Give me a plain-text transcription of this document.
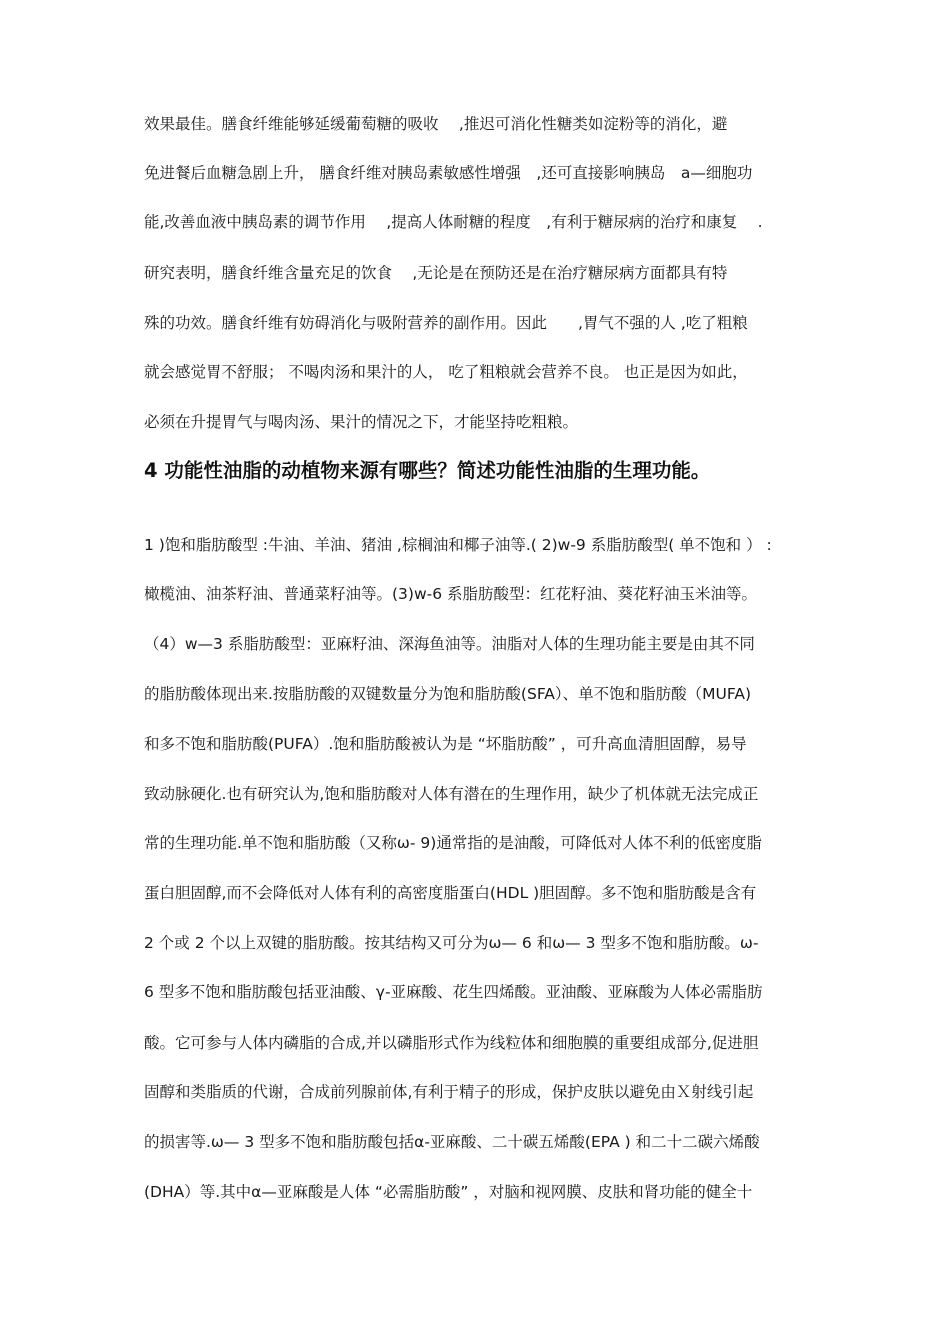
效果最佳。膳食纤维能够延缓葡萄糖的吸收　 ,推迟可消化性糖类如淀粉等的消化，避
免进餐后血糖急剧上升， 膳食纤维对胰岛素敏感性增强　,还可直接影响胰岛　a—细胞功
能,改善血液中胰岛素的调节作用　 ,提高人体耐糖的程度　,有利于糖尿病的治疗和康复　 .
研究表明，膳食纤维含量充足的饮食　 ,无论是在预防还是在治疗糖尿病方面都具有特
殊的功效。膳食纤维有妨碍消化与吸附营养的副作用。因此　　,胃气不强的人 ,吃了粗粮
就会感觉胃不舒服； 不喝肉汤和果汁的人， 吃了粗粮就会营养不良。 也正是因为如此，
必须在升提胃气与喝肉汤、果汁的情况之下，才能坚持吃粗粮。
4 功能性油脂的动植物来源有哪些？简述功能性油脂的生理功能。
1 )饱和脂肪酸型 :牛油、羊油、猪油 ,棕榈油和椰子油等.( 2)w-9 系脂肪酸型( 单不饱和 ） :
橄榄油、油茶籽油、普通菜籽油等。(3)w-6 系脂肪酸型：红花籽油、葵花籽油玉米油等。
（4）w—3 系脂肪酸型：亚麻籽油、深海鱼油等。油脂对人体的生理功能主要是由其不同
的脂肪酸体现出来.按脂肪酸的双键数量分为饱和脂肪酸(SFA）、单不饱和脂肪酸（MUFA)
和多不饱和脂肪酸(PUFA）.饱和脂肪酸被认为是 “坏脂肪酸” ，可升高血清胆固醇，易导
致动脉硬化.也有研究认为,饱和脂肪酸对人体有潜在的生理作用，缺少了机体就无法完成正
常的生理功能.单不饱和脂肪酸（又称ω- 9)通常指的是油酸，可降低对人体不利的低密度脂
蛋白胆固醇,而不会降低对人体有利的高密度脂蛋白(HDL )胆固醇。多不饱和脂肪酸是含有
2 个或 2 个以上双键的脂肪酸。按其结构又可分为ω— 6 和ω— 3 型多不饱和脂肪酸。ω-
6 型多不饱和脂肪酸包括亚油酸、γ-亚麻酸、花生四烯酸。亚油酸、亚麻酸为人体必需脂肪
酸。它可参与人体内磷脂的合成,并以磷脂形式作为线粒体和细胞膜的重要组成部分,促进胆
固醇和类脂质的代谢，合成前列腺前体,有利于精子的形成，保护皮肤以避免由Ｘ射线引起
的损害等.ω— 3 型多不饱和脂肪酸包括α-亚麻酸、二十碳五烯酸(EPA ) 和二十二碳六烯酸
(DHA）等.其中α—亚麻酸是人体 “必需脂肪酸” ，对脑和视网膜、皮肤和肾功能的健全十
